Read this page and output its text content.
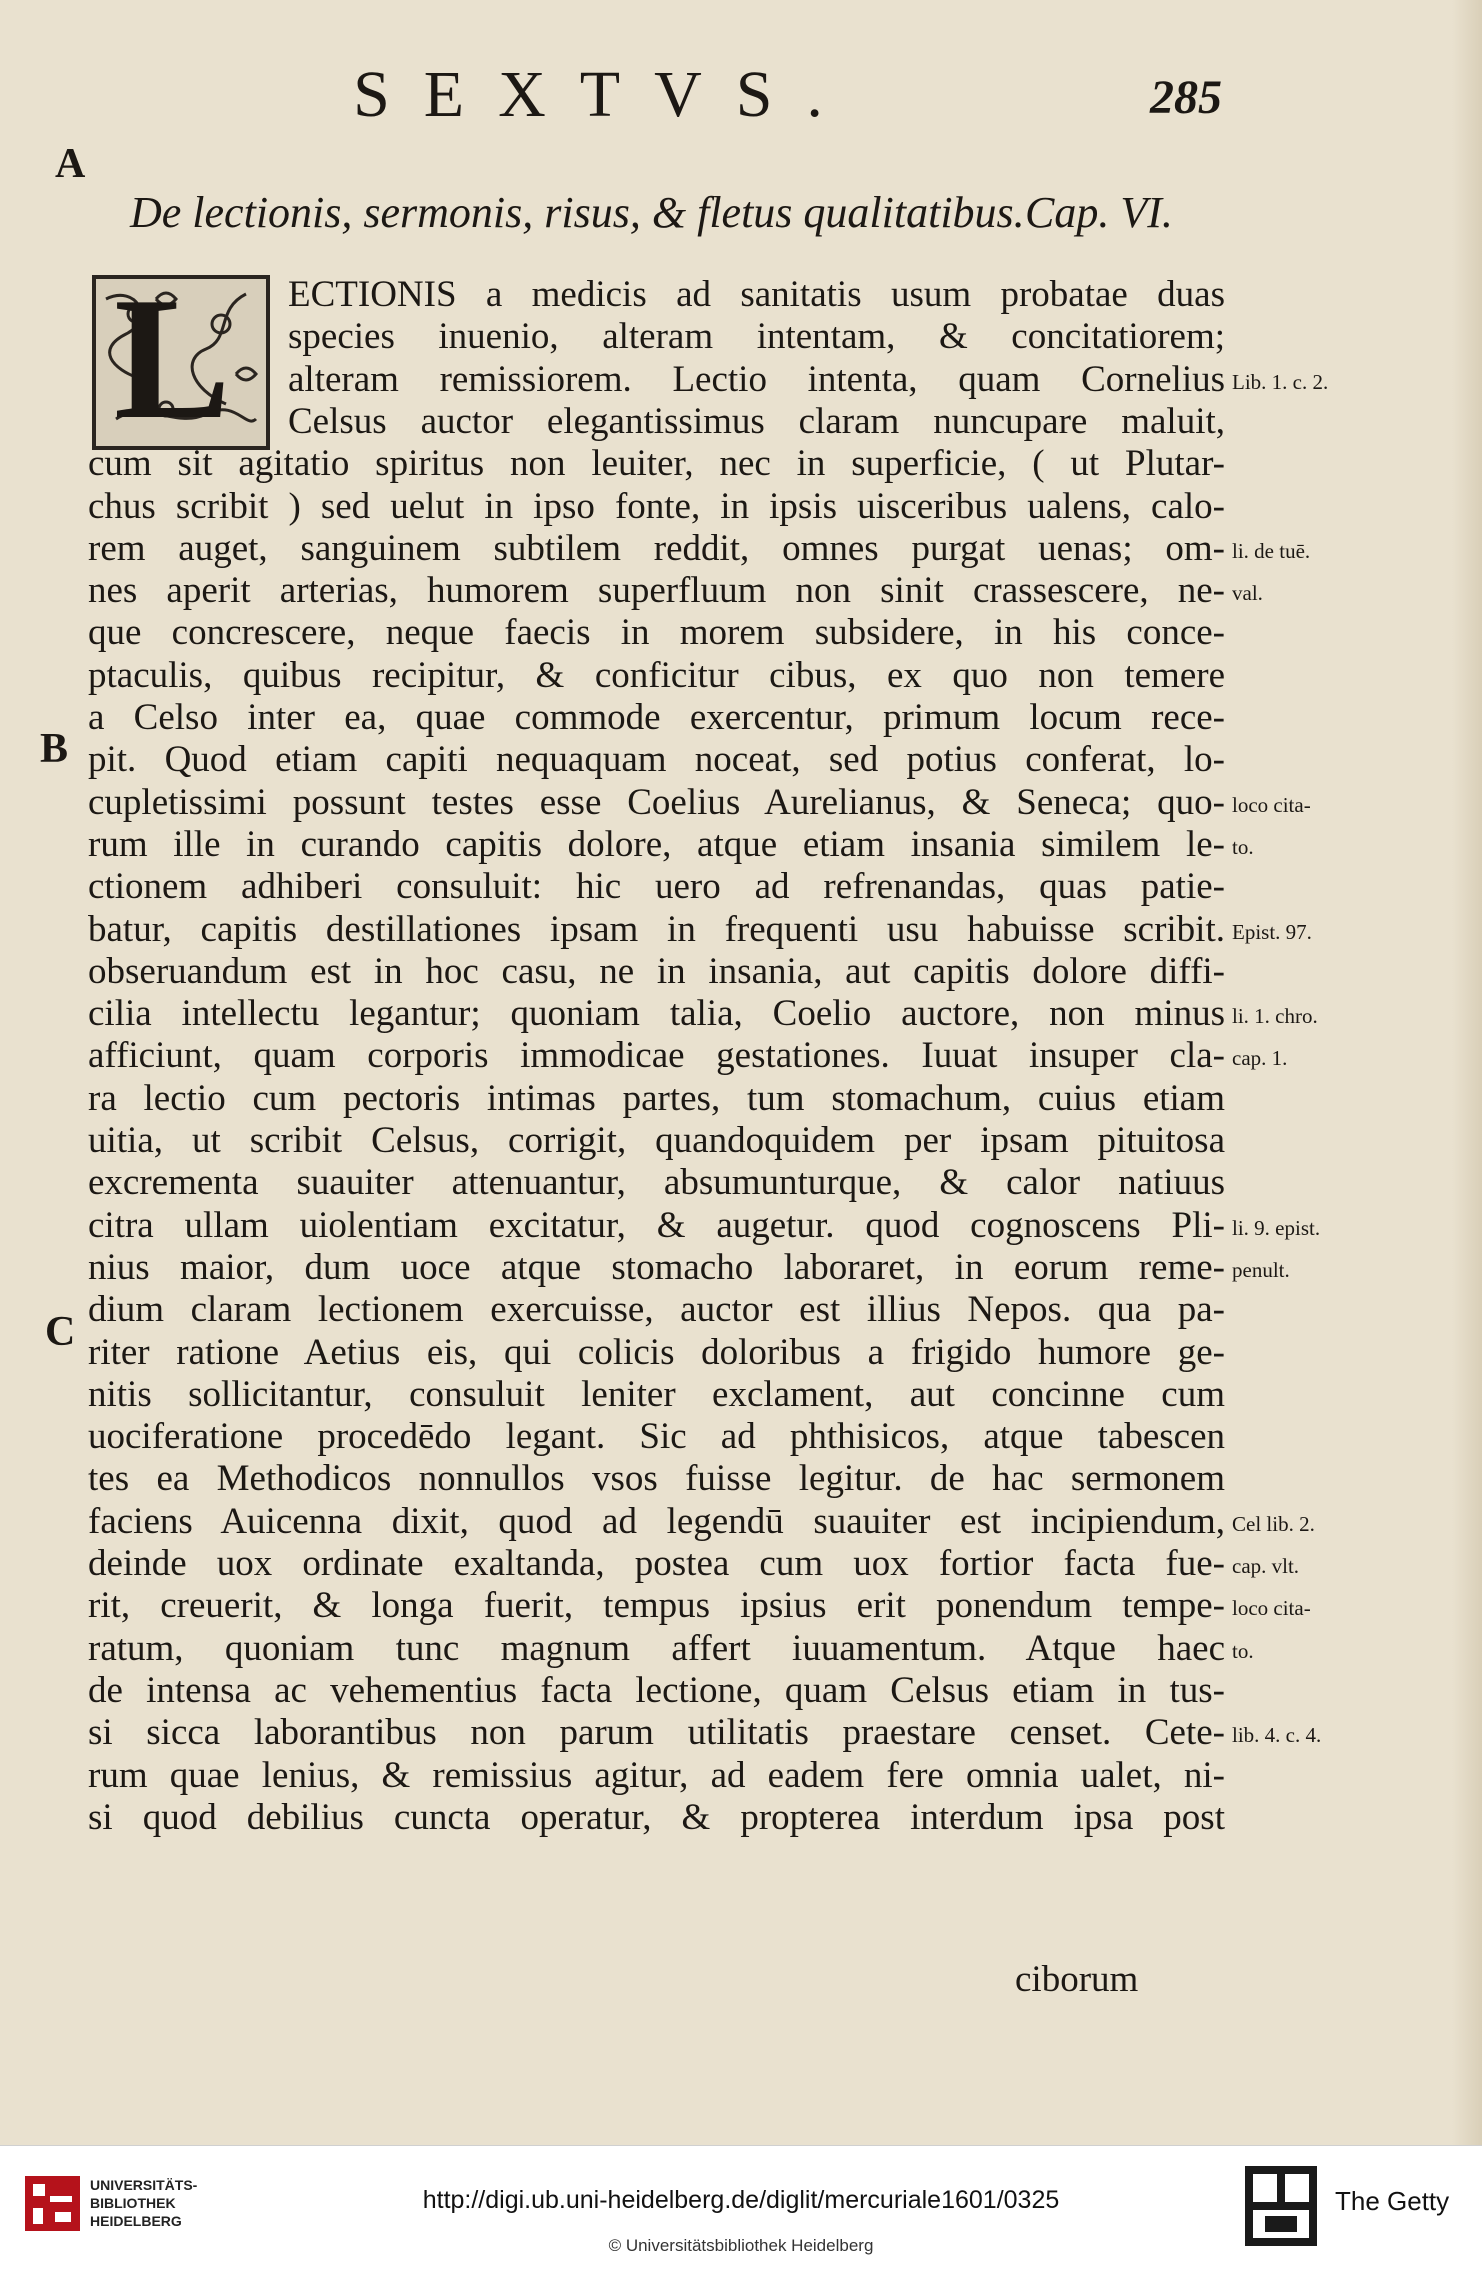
SEXTVS.	285
A
B
C
De lectionis, sermonis, risus, & fletus qualitatibus. Cap. VI.
L ECTIONIS a medicis ad sanitatis usum probatae duas
species inuenio, alteram intentam, & concitatiorem;
alteram remissiorem. Lectio intenta, quam Cornelius
Celsus auctor elegantissimus claram nuncupare maluit,
cum sit agitatio spiritus non leuiter, nec in superficie, ( ut Plutar-
chus scribit ) sed uelut in ipso fonte, in ipsis uisceribus ualens, calo-
rem auget, sanguinem subtilem reddit, omnes purgat uenas; om-
nes aperit arterias, humorem superfluum non sinit crassescere, ne-
que concrescere, neque faecis in morem subsidere, in his conce-
ptaculis, quibus recipitur, & conficitur cibus, ex quo non temere
a Celso inter ea, quae commode exercentur, primum locum rece-
pit. Quod etiam capiti nequaquam noceat, sed potius conferat, lo-
cupletissimi possunt testes esse Coelius Aurelianus, & Seneca; quo-
rum ille in curando capitis dolore, atque etiam insania similem le-
ctionem adhiberi consuluit: hic uero ad refrenandas, quas patie-
batur, capitis destillationes ipsam in frequenti usu habuisse scribit.
obseruandum est in hoc casu, ne in insania, aut capitis dolore diffi-
cilia intellectu legantur; quoniam talia, Coelio auctore, non minus
afficiunt, quam corporis immodicae gestationes. Iuuat insuper cla-
ra lectio cum pectoris intimas partes, tum stomachum, cuius etiam
uitia, ut scribit Celsus, corrigit, quandoquidem per ipsam pituitosa
excrementa suauiter attenuantur, absumunturque, & calor natiuus
citra ullam uiolentiam excitatur, & augetur. quod cognoscens Pli-
nius maior, dum uoce atque stomacho laboraret, in eorum reme-
dium claram lectionem exercuisse, auctor est illius Nepos. qua pa-
riter ratione Aetius eis, qui colicis doloribus a frigido humore ge-
nitis sollicitantur, consuluit leniter exclament, aut concinne cum
uociferatione procedēdo legant. Sic ad phthisicos, atque tabescen
tes ea Methodicos nonnullos vsos fuisse legitur. de hac sermonem
faciens Auicenna dixit, quod ad legendū suauiter est incipiendum,
deinde uox ordinate exaltanda, postea cum uox fortior facta fue-
rit, creuerit, & longa fuerit, tempus ipsius erit ponendum tempe-
ratum, quoniam tunc magnum affert iuuamentum. Atque haec
de intensa ac vehementius facta lectione, quam Celsus etiam in tus-
si sicca laborantibus non parum utilitatis praestare censet. Cete-
rum quae lenius, & remissius agitur, ad eadem fere omnia ualet, ni-
si quod debilius cuncta operatur, & propterea interdum ipsa post
Lib. 1. c. 2.
li. de tuē.
val.
loco cita-
to.
Epist. 97.
li. 1. chro.
cap. 1.
li. 9. epist.
penult.
Cel lib. 2.
cap. vlt.
loco cita-
to.
lib. 4. c. 4.
ciborum
UNIVERSITÄTS-
BIBLIOTHEK
HEIDELBERG
http://digi.ub.uni-heidelberg.de/diglit/mercuriale1601/0325
© Universitätsbibliothek Heidelberg
The Getty
